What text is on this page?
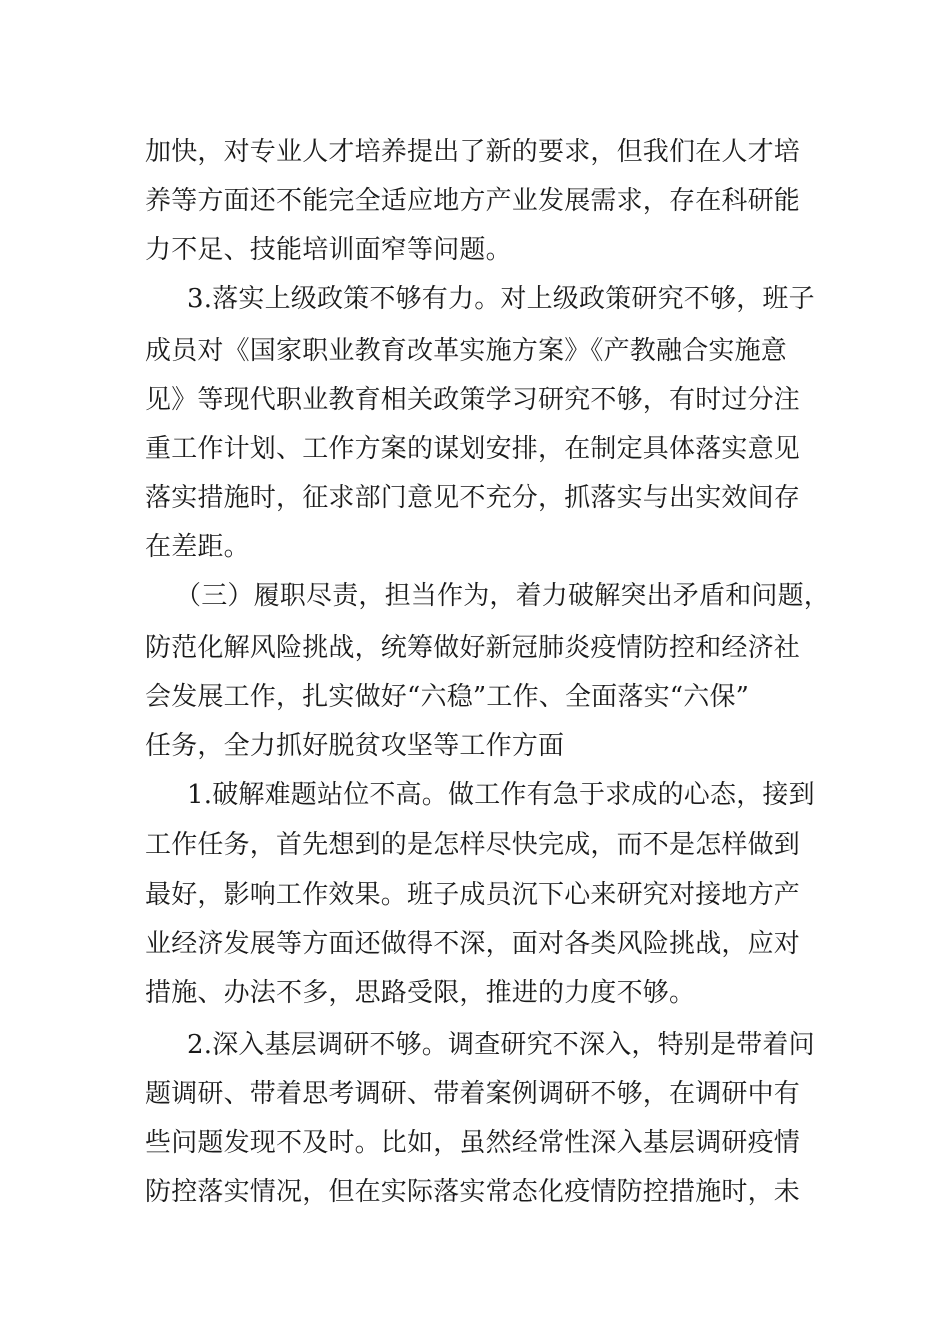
加快，对专业人才培养提出了新的要求，但我们在人才培
养等方面还不能完全适应地方产业发展需求，存在科研能
力不足、技能培训面窄等问题。
3.落实上级政策不够有力。对上级政策研究不够，班子
成员对《国家职业教育改革实施方案》《产教融合实施意
见》等现代职业教育相关政策学习研究不够，有时过分注
重工作计划、工作方案的谋划安排，在制定具体落实意见
落实措施时，征求部门意见不充分，抓落实与出实效间存
在差距。
（三）履职尽责，担当作为，着力破解突出矛盾和问题，
防范化解风险挑战，统筹做好新冠肺炎疫情防控和经济社
会发展工作，扎实做好“六稳”工作、全面落实“六保”
任务，全力抓好脱贫攻坚等工作方面
1.破解难题站位不高。做工作有急于求成的心态，接到
工作任务，首先想到的是怎样尽快完成，而不是怎样做到
最好，影响工作效果。班子成员沉下心来研究对接地方产
业经济发展等方面还做得不深，面对各类风险挑战，应对
措施、办法不多，思路受限，推进的力度不够。
2.深入基层调研不够。调查研究不深入，特别是带着问
题调研、带着思考调研、带着案例调研不够，在调研中有
些问题发现不及时。比如，虽然经常性深入基层调研疫情
防控落实情况，但在实际落实常态化疫情防控措施时，未
